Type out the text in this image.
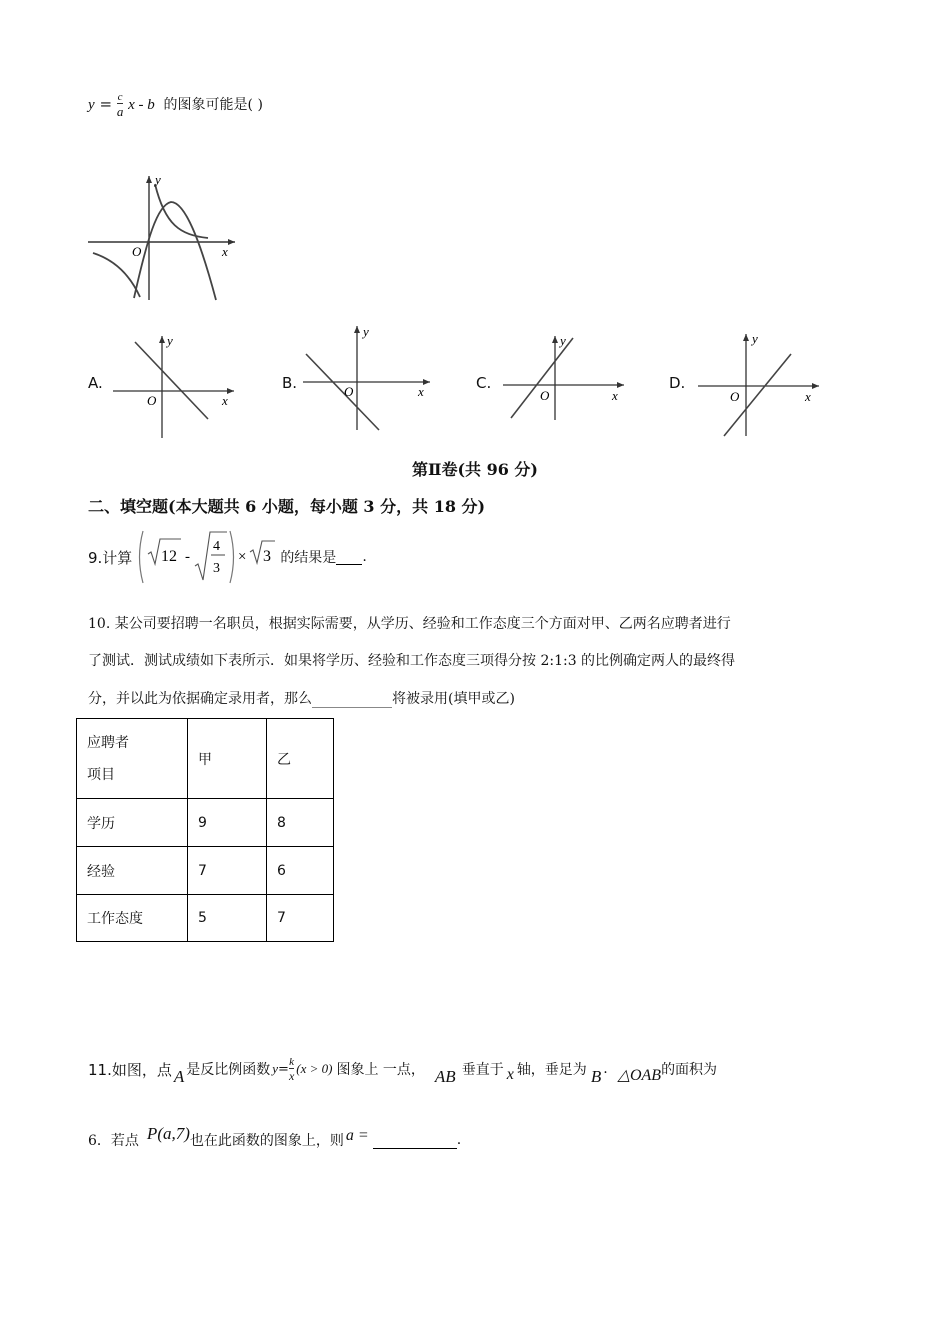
$y = \frac{c}{a}$ x - b 的图象可能是( )
O	x
y
A.	B.	C.	D.
O	x
y
O	x
y
O	x
y
O	x
y
第Ⅱ卷(共 96 分)
二、填空题(本大题共 6 小题，每小题 3 分，共 18 分)
9.计算 12 -
4
3
× 3 的结果是 .
10. 某公司要招聘一名职员，根据实际需要，从学历、经验和工作态度三个方面对甲、乙两名应聘者进行
了测试．测试成绩如下表所示．如果将学历、经验和工作态度三项得分按 2:1:3 的比例确定两人的最终得
分，并以此为依据确定录用者，那么	将被录用(填甲或乙)
应聘者
项目	甲	乙
学历	9	8
经验	7	6
工作态度	5	7
11.如图，点 A 是反比例函数 $y = \frac{k}{x} (x > 0)$ 图象上 一点， AB 垂直于 x 轴，垂足为 B . △OAB 的面积为
6．若点 P (a,7) 也在此函数的图象上，则 a =	.
